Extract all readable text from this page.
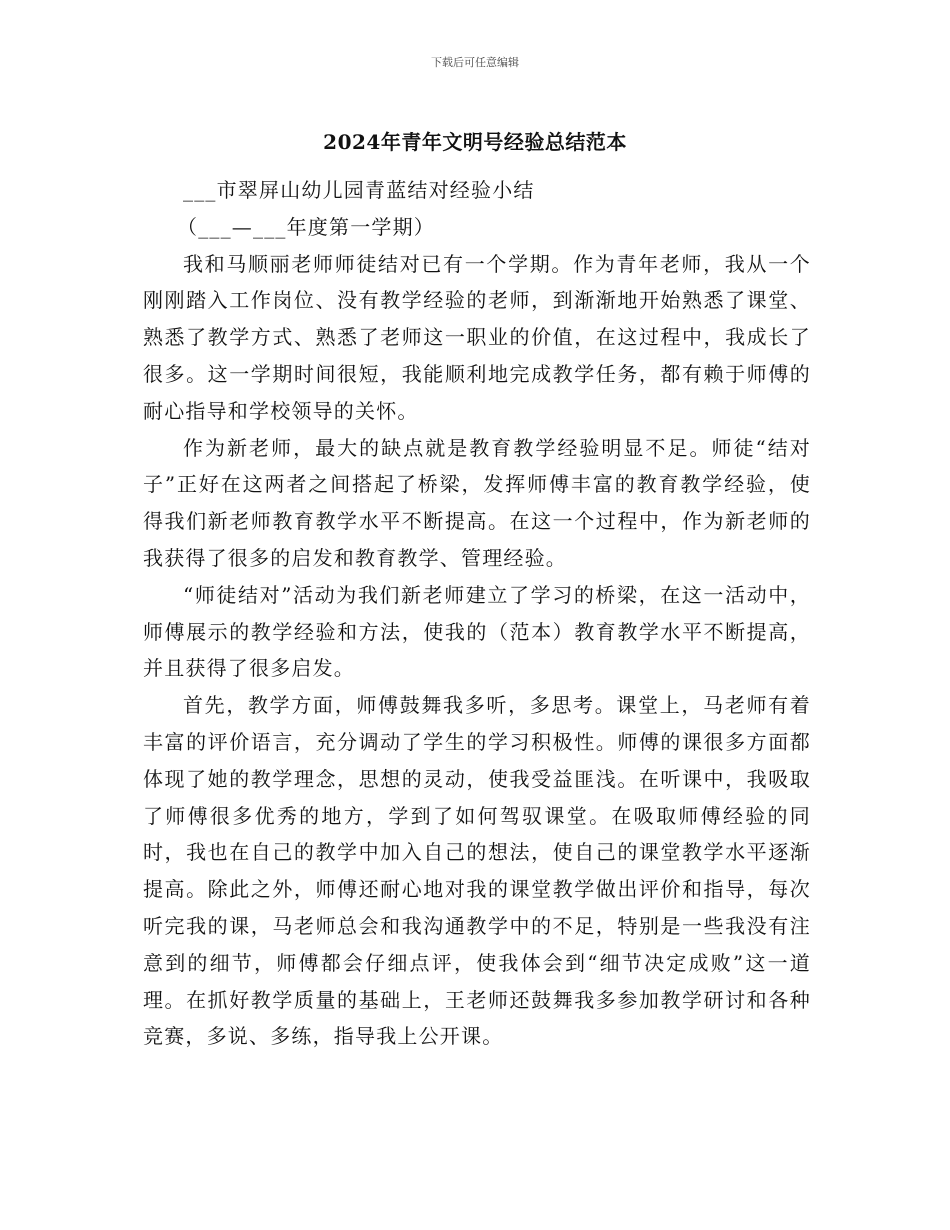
下载后可任意编辑
2024年青年文明号经验总结范本

___市翠屏山幼儿园青蓝结对经验小结

（___—___年度第一学期）

我和马顺丽老师师徒结对已有一个学期。作为青年老师，我从一个刚刚踏入工作岗位、没有教学经验的老师，到渐渐地开始熟悉了课堂、熟悉了教学方式、熟悉了老师这一职业的价值，在这过程中，我成长了很多。这一学期时间很短，我能顺利地完成教学任务，都有赖于师傅的耐心指导和学校领导的关怀。

作为新老师，最大的缺点就是教育教学经验明显不足。师徒“结对子”正好在这两者之间搭起了桥梁，发挥师傅丰富的教育教学经验，使得我们新老师教育教学水平不断提高。在这一个过程中，作为新老师的我获得了很多的启发和教育教学、管理经验。

“师徒结对”活动为我们新老师建立了学习的桥梁，在这一活动中，师傅展示的教学经验和方法，使我的（范本）教育教学水平不断提高，并且获得了很多启发。

首先，教学方面，师傅鼓舞我多听，多思考。课堂上，马老师有着丰富的评价语言，充分调动了学生的学习积极性。师傅的课很多方面都体现了她的教学理念，思想的灵动，使我受益匪浅。在听课中，我吸取了师傅很多优秀的地方，学到了如何驾驭课堂。在吸取师傅经验的同时，我也在自己的教学中加入自己的想法，使自己的课堂教学水平逐渐提高。除此之外，师傅还耐心地对我的课堂教学做出评价和指导，每次听完我的课，马老师总会和我沟通教学中的不足，特别是一些我没有注意到的细节，师傅都会仔细点评，使我体会到“细节决定成败”这一道理。在抓好教学质量的基础上，王老师还鼓舞我多参加教学研讨和各种竞赛，多说、多练，指导我上公开课。
